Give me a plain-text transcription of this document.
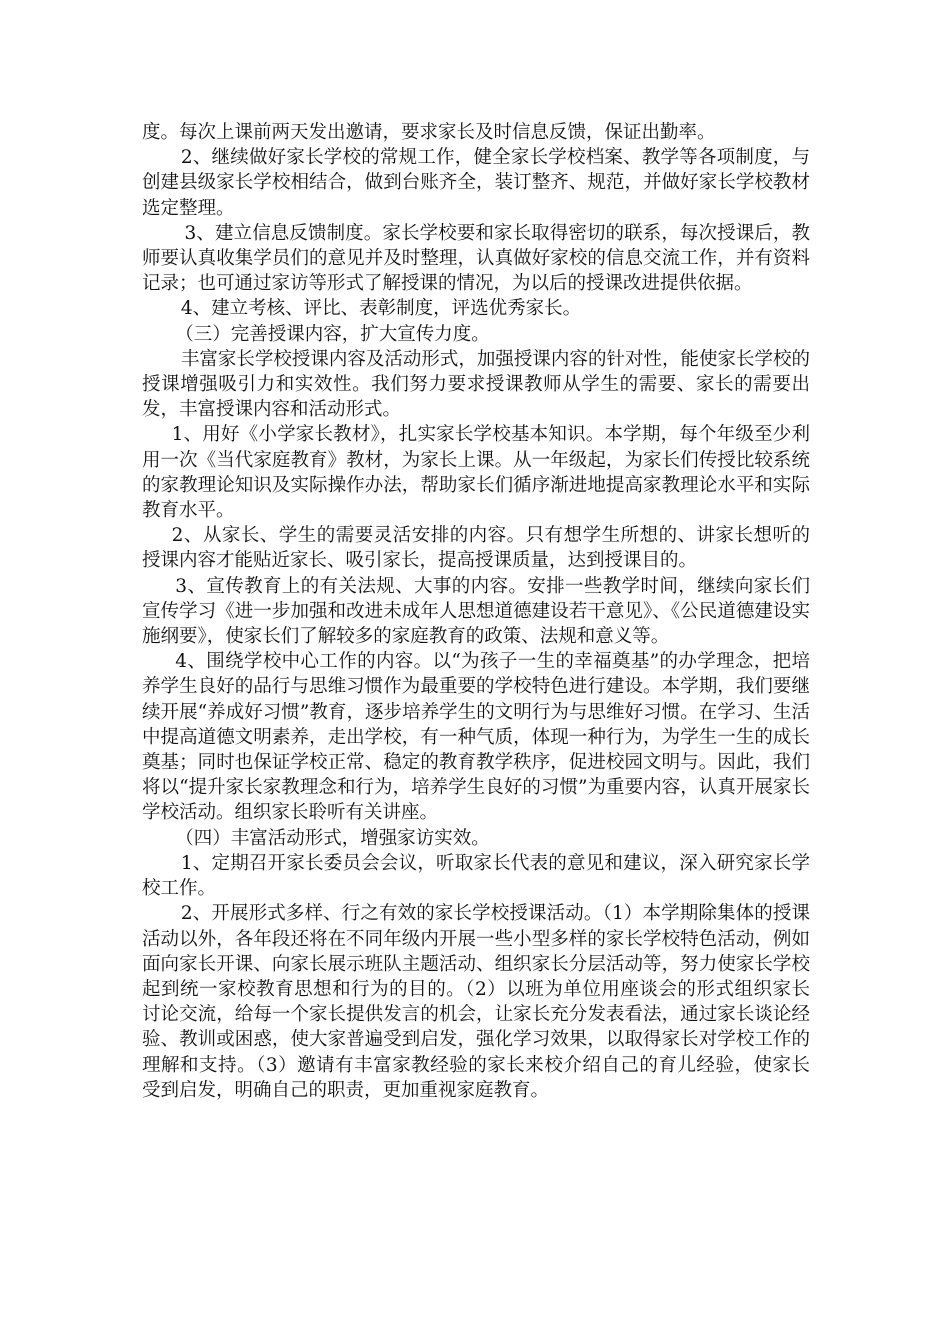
度。每次上课前两天发出邀请，要求家长及时信息反馈，保证出勤率。

2、继续做好家长学校的常规工作，健全家长学校档案、教学等各项制度，与创建县级家长学校相结合，做到台账齐全，装订整齐、规范，并做好家长学校教材选定整理。

3、建立信息反馈制度。家长学校要和家长取得密切的联系，每次授课后，教师要认真收集学员们的意见并及时整理，认真做好家校的信息交流工作，并有资料记录；也可通过家访等形式了解授课的情况，为以后的授课改进提供依据。

4、建立考核、评比、表彰制度，评选优秀家长。

（三）完善授课内容，扩大宣传力度。

丰富家长学校授课内容及活动形式，加强授课内容的针对性，能使家长学校的授课增强吸引力和实效性。我们努力要求授课教师从学生的需要、家长的需要出发，丰富授课内容和活动形式。

1、用好《小学家长教材》，扎实家长学校基本知识。本学期，每个年级至少利用一次《当代家庭教育》教材，为家长上课。从一年级起，为家长们传授比较系统的家教理论知识及实际操作办法，帮助家长们循序渐进地提高家教理论水平和实际教育水平。

2、从家长、学生的需要灵活安排的内容。只有想学生所想的、讲家长想听的授课内容才能贴近家长、吸引家长，提高授课质量，达到授课目的。

3、宣传教育上的有关法规、大事的内容。安排一些教学时间，继续向家长们宣传学习《进一步加强和改进未成年人思想道德建设若干意见》、《公民道德建设实施纲要》，使家长们了解较多的家庭教育的政策、法规和意义等。

4、围绕学校中心工作的内容。以“为孩子一生的幸福奠基”的办学理念，把培养学生良好的品行与思维习惯作为最重要的学校特色进行建设。本学期，我们要继续开展“养成好习惯”教育，逐步培养学生的文明行为与思维好习惯。在学习、生活中提高道德文明素养，走出学校，有一种气质，体现一种行为，为学生一生的成长奠基；同时也保证学校正常、稳定的教育教学秩序，促进校园文明与。因此，我们将以“提升家长家教理念和行为，培养学生良好的习惯”为重要内容，认真开展家长学校活动。组织家长聆听有关讲座。

（四）丰富活动形式，增强家访实效。

1、定期召开家长委员会会议，听取家长代表的意见和建议，深入研究家长学校工作。

2、开展形式多样、行之有效的家长学校授课活动。（1）本学期除集体的授课活动以外，各年段还将在不同年级内开展一些小型多样的家长学校特色活动，例如面向家长开课、向家长展示班队主题活动、组织家长分层活动等，努力使家长学校起到统一家校教育思想和行为的目的。（2）以班为单位用座谈会的形式组织家长讨论交流，给每一个家长提供发言的机会，让家长充分发表看法，通过家长谈论经验、教训或困惑，使大家普遍受到启发，强化学习效果，以取得家长对学校工作的理解和支持。（3）邀请有丰富家教经验的家长来校介绍自己的育儿经验，使家长受到启发，明确自己的职责，更加重视家庭教育。
